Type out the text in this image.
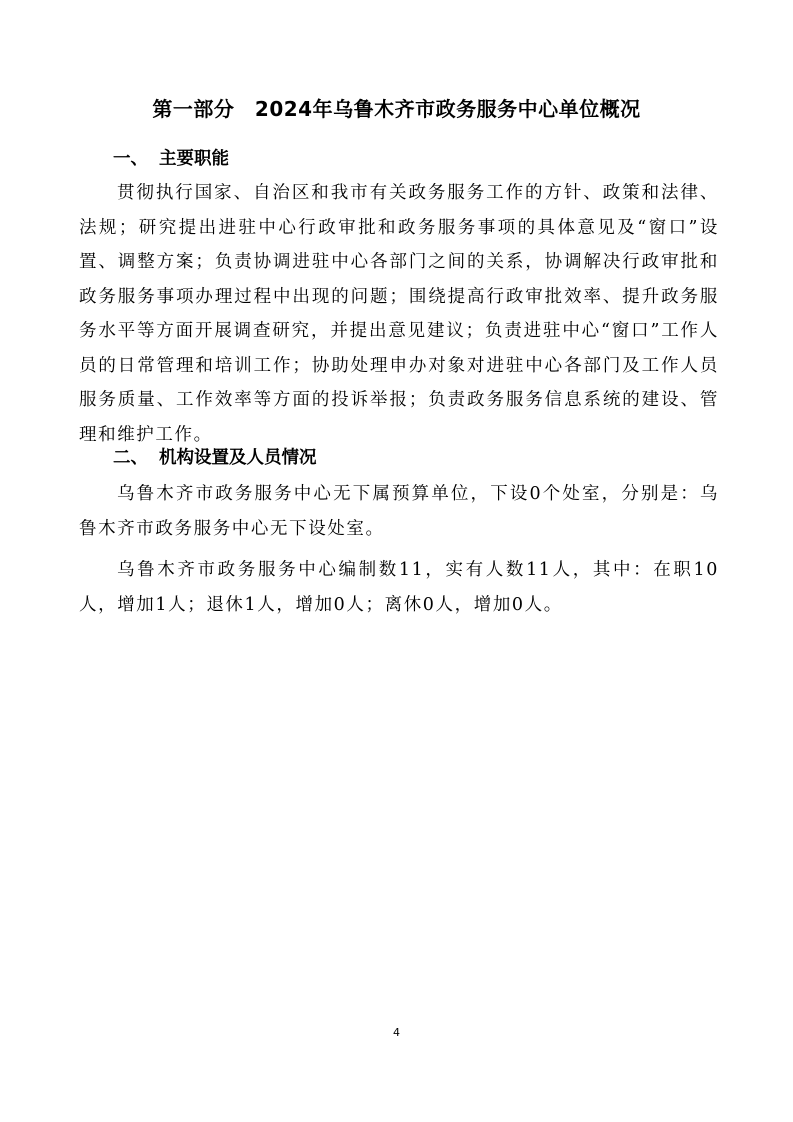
第一部分　2024年乌鲁木齐市政务服务中心单位概况
一、 主要职能

贯彻执行国家、自治区和我市有关政务服务工作的方针、政策和法律、法规；研究提出进驻中心行政审批和政务服务事项的具体意见及“窗口”设置、调整方案；负责协调进驻中心各部门之间的关系，协调解决行政审批和政务服务事项办理过程中出现的问题；围绕提高行政审批效率、提升政务服务水平等方面开展调查研究，并提出意见建议；负责进驻中心“窗口”工作人员的日常管理和培训工作；协助处理申办对象对进驻中心各部门及工作人员服务质量、工作效率等方面的投诉举报；负责政务服务信息系统的建设、管理和维护工作。

二、 机构设置及人员情况

乌鲁木齐市政务服务中心无下属预算单位，下设0个处室，分别是：乌鲁木齐市政务服务中心无下设处室。

乌鲁木齐市政务服务中心编制数11，实有人数11人，其中：在职10人，增加1人；退休1人，增加0人；离休0人，增加0人。

4
